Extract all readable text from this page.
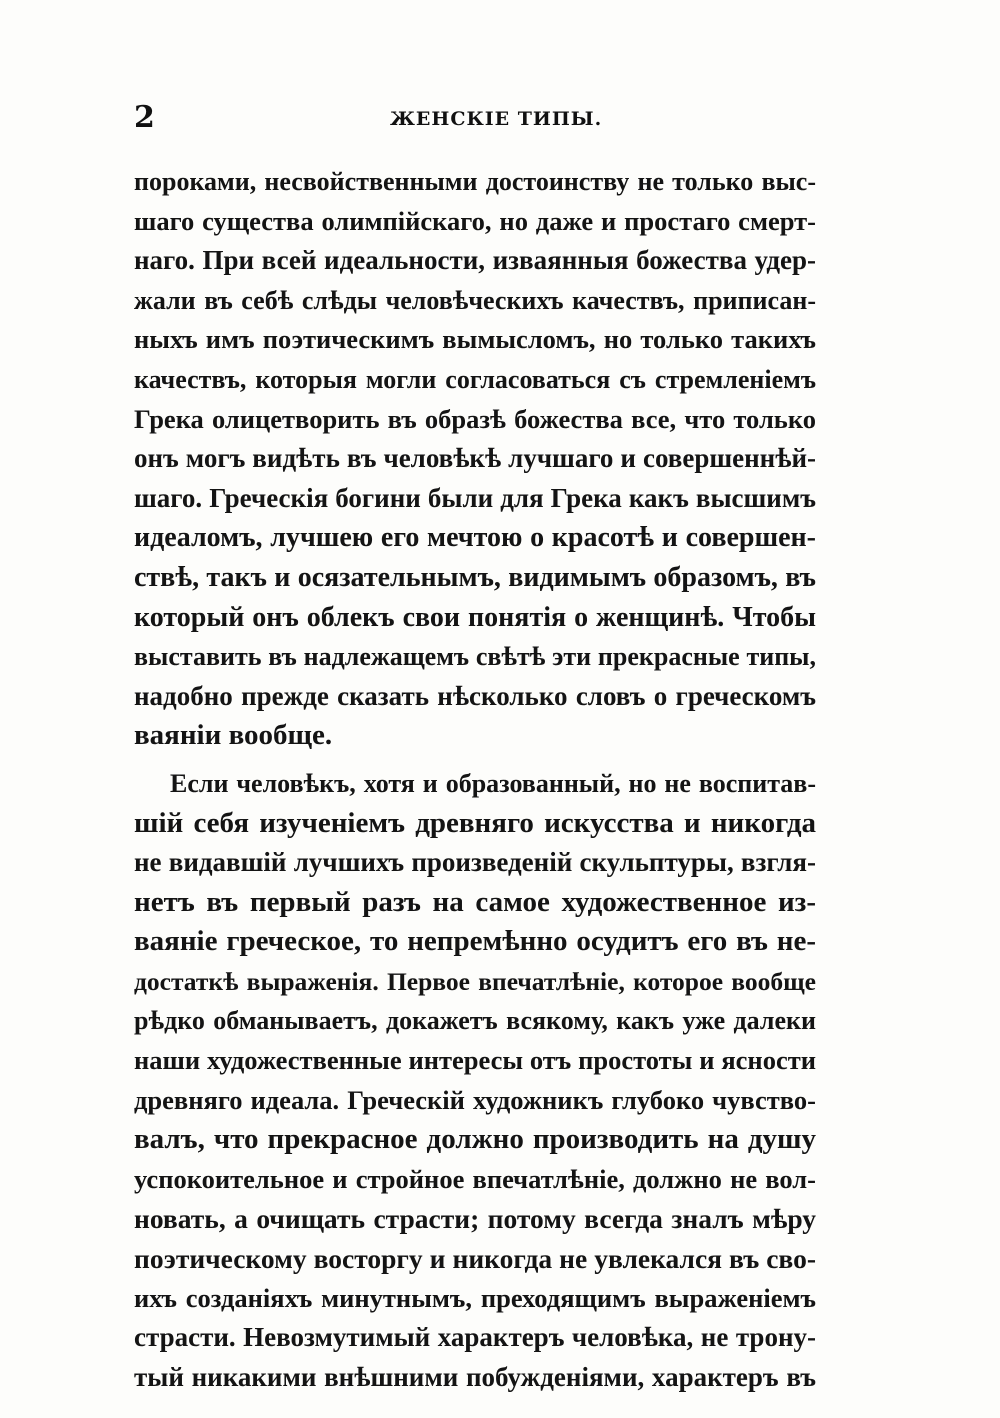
2	ЖЕНСКІЕ ТИПЫ.
пороками, несвойственными достоинству не только выс-
шаго существа олимпійскаго, но даже и простаго смерт-
наго. При всей идеальности, изваянныя божества удер-
жали въ себѣ слѣды человѣческихъ качествъ, приписан-
ныхъ имъ поэтическимъ вымысломъ, но только такихъ
качествъ, которыя могли согласоваться съ стремленіемъ
Грека олицетворить въ образѣ божества все, что только
онъ могъ видѣть въ человѣкѣ лучшаго и совершеннѣй-
шаго. Греческія богини были для Грека какъ высшимъ
идеаломъ, лучшею его мечтою о красотѣ и совершен-
ствѣ, такъ и осязательнымъ, видимымъ образомъ, въ
который онъ облекъ свои понятія о женщинѣ. Чтобы
выставить въ надлежащемъ свѣтѣ эти прекрасные типы,
надобно прежде сказать нѣсколько словъ о греческомъ
ваяніи вообще.
Если человѣкъ, хотя и образованный, но не воспитав-
шій себя изученіемъ древняго искусства и никогда
не видавшій лучшихъ произведеній скульптуры, взгля-
нетъ въ первый разъ на самое художественное из-
ваяніе греческое, то непремѣнно осудитъ его въ не-
достаткѣ выраженія. Первое впечатлѣніе, которое вообще
рѣдко обманываетъ, докажетъ всякому, какъ уже далеки
наши художественные интересы отъ простоты и ясности
древняго идеала. Греческій художникъ глубоко чувство-
валъ, что прекрасное должно производить на душу
успокоительное и стройное впечатлѣніе, должно не вол-
новать, а очищать страсти; потому всегда зналъ мѣру
поэтическому восторгу и никогда не увлекался въ сво-
ихъ созданіяхъ минутнымъ, преходящимъ выраженіемъ
страсти. Невозмутимый характеръ человѣка, не трону-
тый никакими внѣшними побужденіями, характеръ въ
